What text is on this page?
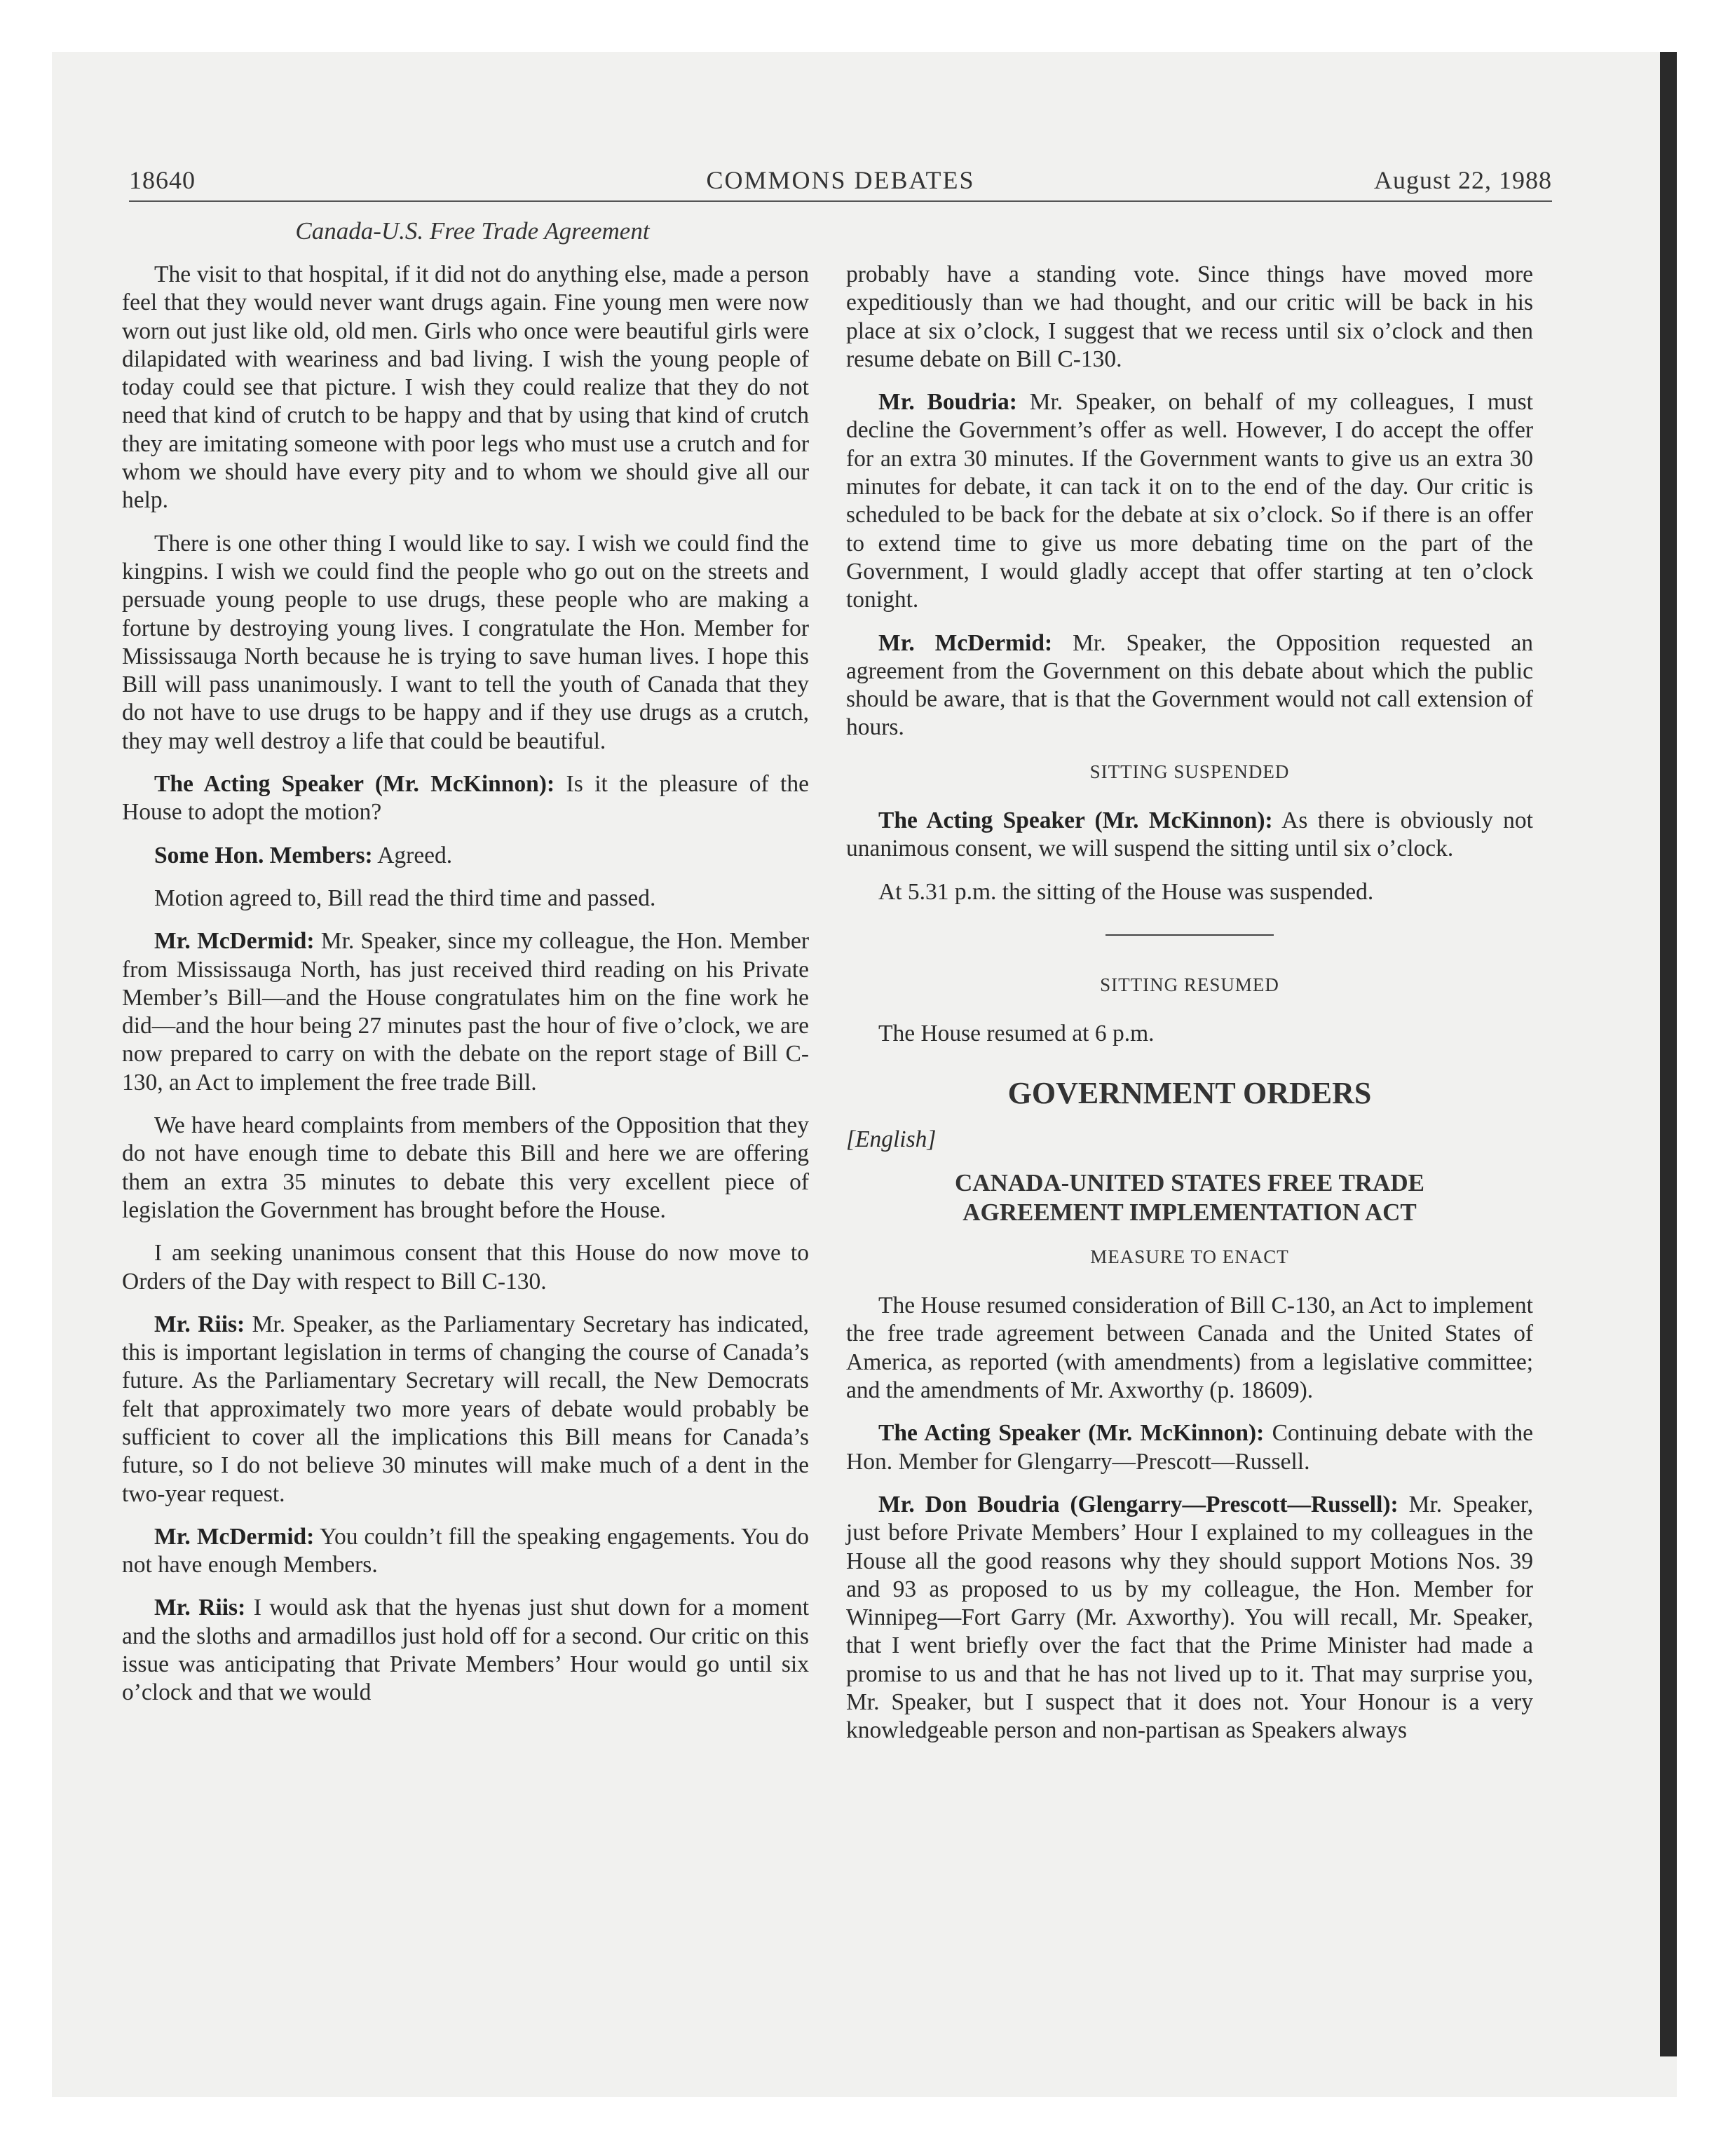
18640	COMMONS DEBATES	August 22, 1988
Canada-U.S. Free Trade Agreement

The visit to that hospital, if it did not do anything else, made a person feel that they would never want drugs again. Fine young men were now worn out just like old, old men. Girls who once were beautiful girls were dilapidated with weariness and bad living. I wish the young people of today could see that picture. I wish they could realize that they do not need that kind of crutch to be happy and that by using that kind of crutch they are imitating someone with poor legs who must use a crutch and for whom we should have every pity and to whom we should give all our help.

There is one other thing I would like to say. I wish we could find the kingpins. I wish we could find the people who go out on the streets and persuade young people to use drugs, these people who are making a fortune by destroying young lives. I congratulate the Hon. Member for Mississauga North because he is trying to save human lives. I hope this Bill will pass unanimously. I want to tell the youth of Canada that they do not have to use drugs to be happy and if they use drugs as a crutch, they may well destroy a life that could be beautiful.

The Acting Speaker (Mr. McKinnon): Is it the pleasure of the House to adopt the motion?

Some Hon. Members: Agreed.

Motion agreed to, Bill read the third time and passed.

Mr. McDermid: Mr. Speaker, since my colleague, the Hon. Member from Mississauga North, has just received third reading on his Private Member’s Bill—and the House congratulates him on the fine work he did—and the hour being 27 minutes past the hour of five o’clock, we are now prepared to carry on with the debate on the report stage of Bill C-130, an Act to implement the free trade Bill.

We have heard complaints from members of the Opposition that they do not have enough time to debate this Bill and here we are offering them an extra 35 minutes to debate this very excellent piece of legislation the Government has brought before the House.

I am seeking unanimous consent that this House do now move to Orders of the Day with respect to Bill C-130.

Mr. Riis: Mr. Speaker, as the Parliamentary Secretary has indicated, this is important legislation in terms of changing the course of Canada’s future. As the Parliamentary Secretary will recall, the New Democrats felt that approximately two more years of debate would probably be sufficient to cover all the implications this Bill means for Canada’s future, so I do not believe 30 minutes will make much of a dent in the two-year request.

Mr. McDermid: You couldn’t fill the speaking engagements. You do not have enough Members.

Mr. Riis: I would ask that the hyenas just shut down for a moment and the sloths and armadillos just hold off for a second. Our critic on this issue was anticipating that Private Members’ Hour would go until six o’clock and that we would

probably have a standing vote. Since things have moved more expeditiously than we had thought, and our critic will be back in his place at six o’clock, I suggest that we recess until six o’clock and then resume debate on Bill C-130.

Mr. Boudria: Mr. Speaker, on behalf of my colleagues, I must decline the Government’s offer as well. However, I do accept the offer for an extra 30 minutes. If the Government wants to give us an extra 30 minutes for debate, it can tack it on to the end of the day. Our critic is scheduled to be back for the debate at six o’clock. So if there is an offer to extend time to give us more debating time on the part of the Government, I would gladly accept that offer starting at ten o’clock tonight.

Mr. McDermid: Mr. Speaker, the Opposition requested an agreement from the Government on this debate about which the public should be aware, that is that the Government would not call extension of hours.

SITTING SUSPENDED

The Acting Speaker (Mr. McKinnon): As there is obviously not unanimous consent, we will suspend the sitting until six o’clock.

At 5.31 p.m. the sitting of the House was suspended.

SITTING RESUMED

The House resumed at 6 p.m.

GOVERNMENT ORDERS

[English]

CANADA-UNITED STATES FREE TRADE
AGREEMENT IMPLEMENTATION ACT
MEASURE TO ENACT

The House resumed consideration of Bill C-130, an Act to implement the free trade agreement between Canada and the United States of America, as reported (with amendments) from a legislative committee; and the amendments of Mr. Axworthy (p. 18609).

The Acting Speaker (Mr. McKinnon): Continuing debate with the Hon. Member for Glengarry—Prescott—Russell.

Mr. Don Boudria (Glengarry—Prescott—Russell): Mr. Speaker, just before Private Members’ Hour I explained to my colleagues in the House all the good reasons why they should support Motions Nos. 39 and 93 as proposed to us by my colleague, the Hon. Member for Winnipeg—Fort Garry (Mr. Axworthy). You will recall, Mr. Speaker, that I went briefly over the fact that the Prime Minister had made a promise to us and that he has not lived up to it. That may surprise you, Mr. Speaker, but I suspect that it does not. Your Honour is a very knowledgeable person and non-partisan as Speakers always
